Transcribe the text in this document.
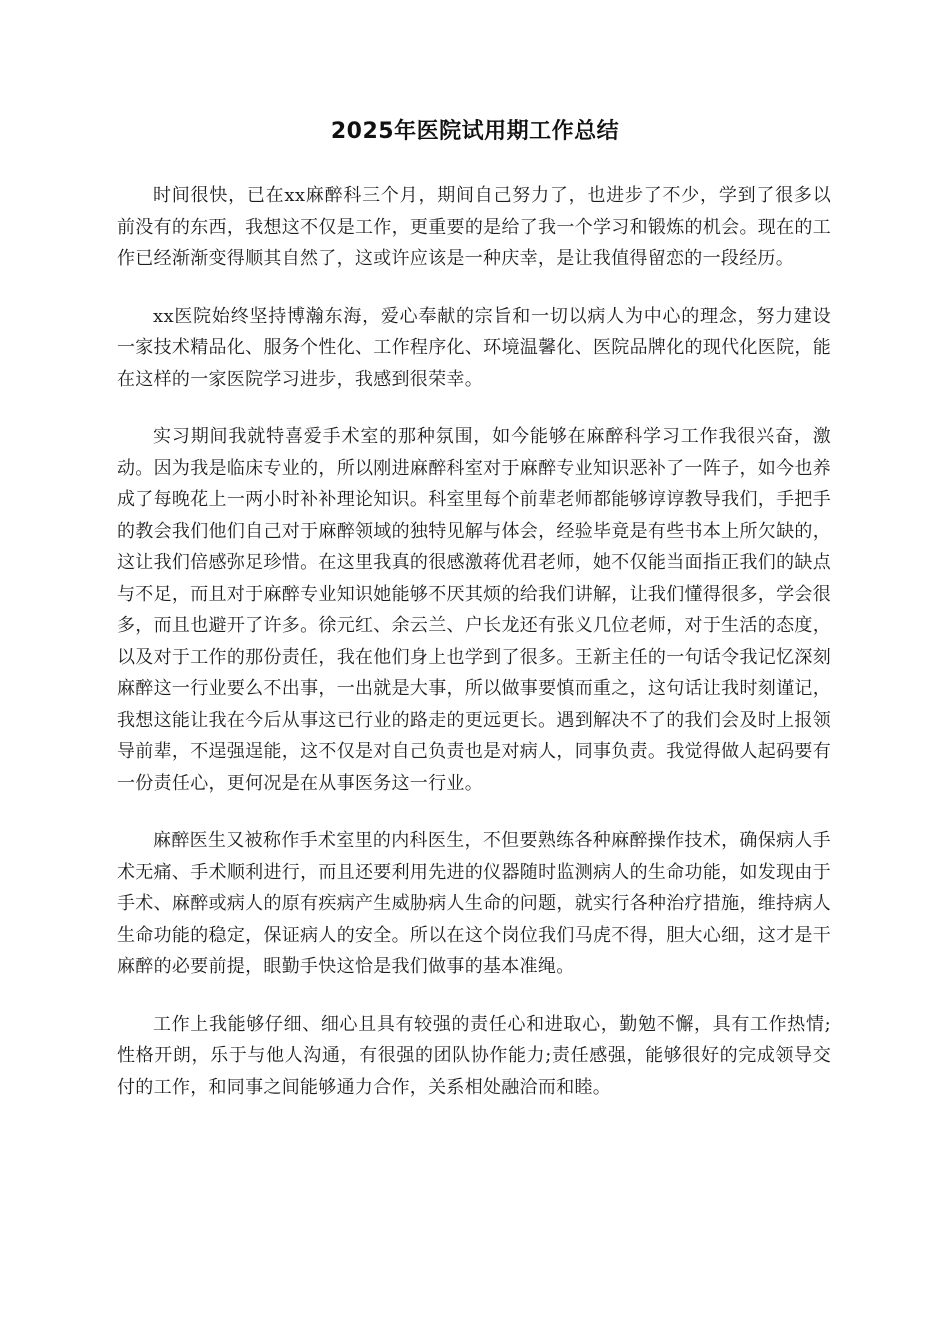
2025年医院试用期工作总结

时间很快，已在xx麻醉科三个月，期间自己努力了，也进步了不少，学到了很多以前没有的东西，我想这不仅是工作，更重要的是给了我一个学习和锻炼的机会。现在的工作已经渐渐变得顺其自然了，这或许应该是一种庆幸，是让我值得留恋的一段经历。

xx医院始终坚持博瀚东海，爱心奉献的宗旨和一切以病人为中心的理念，努力建设一家技术精品化、服务个性化、工作程序化、环境温馨化、医院品牌化的现代化医院，能在这样的一家医院学习进步，我感到很荣幸。

实习期间我就特喜爱手术室的那种氛围，如今能够在麻醉科学习工作我很兴奋，激动。因为我是临床专业的，所以刚进麻醉科室对于麻醉专业知识恶补了一阵子，如今也养成了每晚花上一两小时补补理论知识。科室里每个前辈老师都能够谆谆教导我们，手把手的教会我们他们自己对于麻醉领域的独特见解与体会，经验毕竟是有些书本上所欠缺的，这让我们倍感弥足珍惜。在这里我真的很感激蒋优君老师，她不仅能当面指正我们的缺点与不足，而且对于麻醉专业知识她能够不厌其烦的给我们讲解，让我们懂得很多，学会很多，而且也避开了许多。徐元红、余云兰、户长龙还有张义几位老师，对于生活的态度，以及对于工作的那份责任，我在他们身上也学到了很多。王新主任的一句话令我记忆深刻麻醉这一行业要么不出事，一出就是大事，所以做事要慎而重之，这句话让我时刻谨记，我想这能让我在今后从事这已行业的路走的更远更长。遇到解决不了的我们会及时上报领导前辈，不逞强逞能，这不仅是对自己负责也是对病人，同事负责。我觉得做人起码要有一份责任心，更何况是在从事医务这一行业。

麻醉医生又被称作手术室里的内科医生，不但要熟练各种麻醉操作技术，确保病人手术无痛、手术顺利进行，而且还要利用先进的仪器随时监测病人的生命功能，如发现由于手术、麻醉或病人的原有疾病产生威胁病人生命的问题，就实行各种治疗措施，维持病人生命功能的稳定，保证病人的安全。所以在这个岗位我们马虎不得，胆大心细，这才是干麻醉的必要前提，眼勤手快这恰是我们做事的基本准绳。

工作上我能够仔细、细心且具有较强的责任心和进取心，勤勉不懈，具有工作热情;性格开朗，乐于与他人沟通，有很强的团队协作能力;责任感强，能够很好的完成领导交付的工作，和同事之间能够通力合作，关系相处融洽而和睦。
